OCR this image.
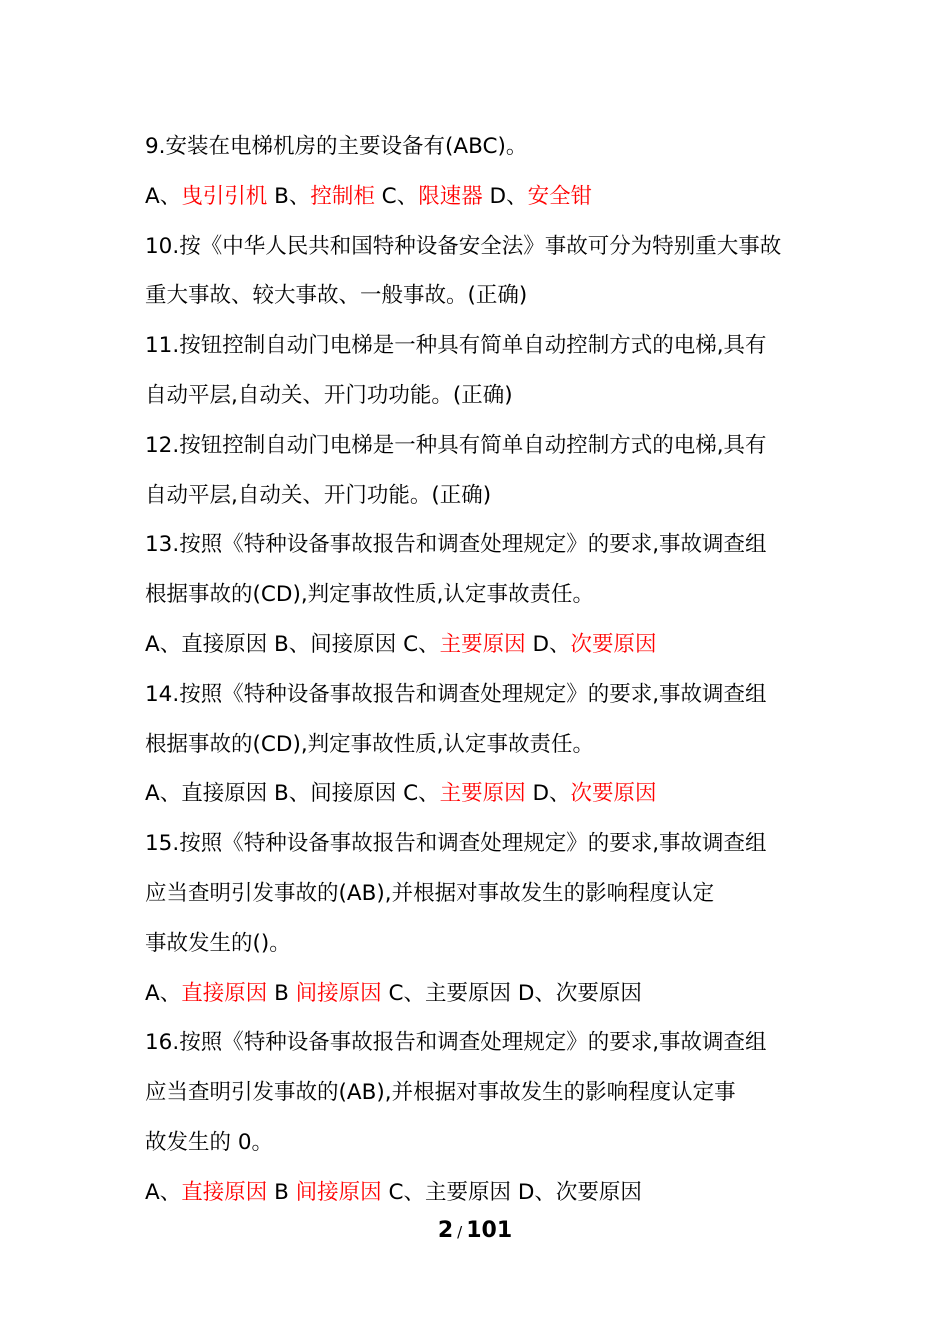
9.安装在电梯机房的主要设备有(ABC)。
A、曳引引机 B、控制柜 C、限速器 D、安全钳
10.按《中华人民共和国特种设备安全法》事故可分为特别重大事故
重大事故、较大事故、一般事故。(正确)
11.按钮控制自动门电梯是一种具有简单自动控制方式的电梯,具有
自动平层,自动关、开门功功能。(正确)
12.按钮控制自动门电梯是一种具有简单自动控制方式的电梯,具有
自动平层,自动关、开门功能。(正确)
13.按照《特种设备事故报告和调查处理规定》的要求,事故调查组
根据事故的(CD),判定事故性质,认定事故责任。
A、直接原因 B、间接原因 C、主要原因 D、次要原因
14.按照《特种设备事故报告和调查处理规定》的要求,事故调查组
根据事故的(CD),判定事故性质,认定事故责任。
A、直接原因 B、间接原因 C、主要原因 D、次要原因
15.按照《特种设备事故报告和调查处理规定》的要求,事故调查组
应当查明引发事故的(AB),并根据对事故发生的影响程度认定
事故发生的()。
A、直接原因 B 间接原因 C、主要原因 D、次要原因
16.按照《特种设备事故报告和调查处理规定》的要求,事故调查组
应当查明引发事故的(AB),并根据对事故发生的影响程度认定事
故发生的 0。
A、直接原因 B 间接原因 C、主要原因 D、次要原因
2 / 101
